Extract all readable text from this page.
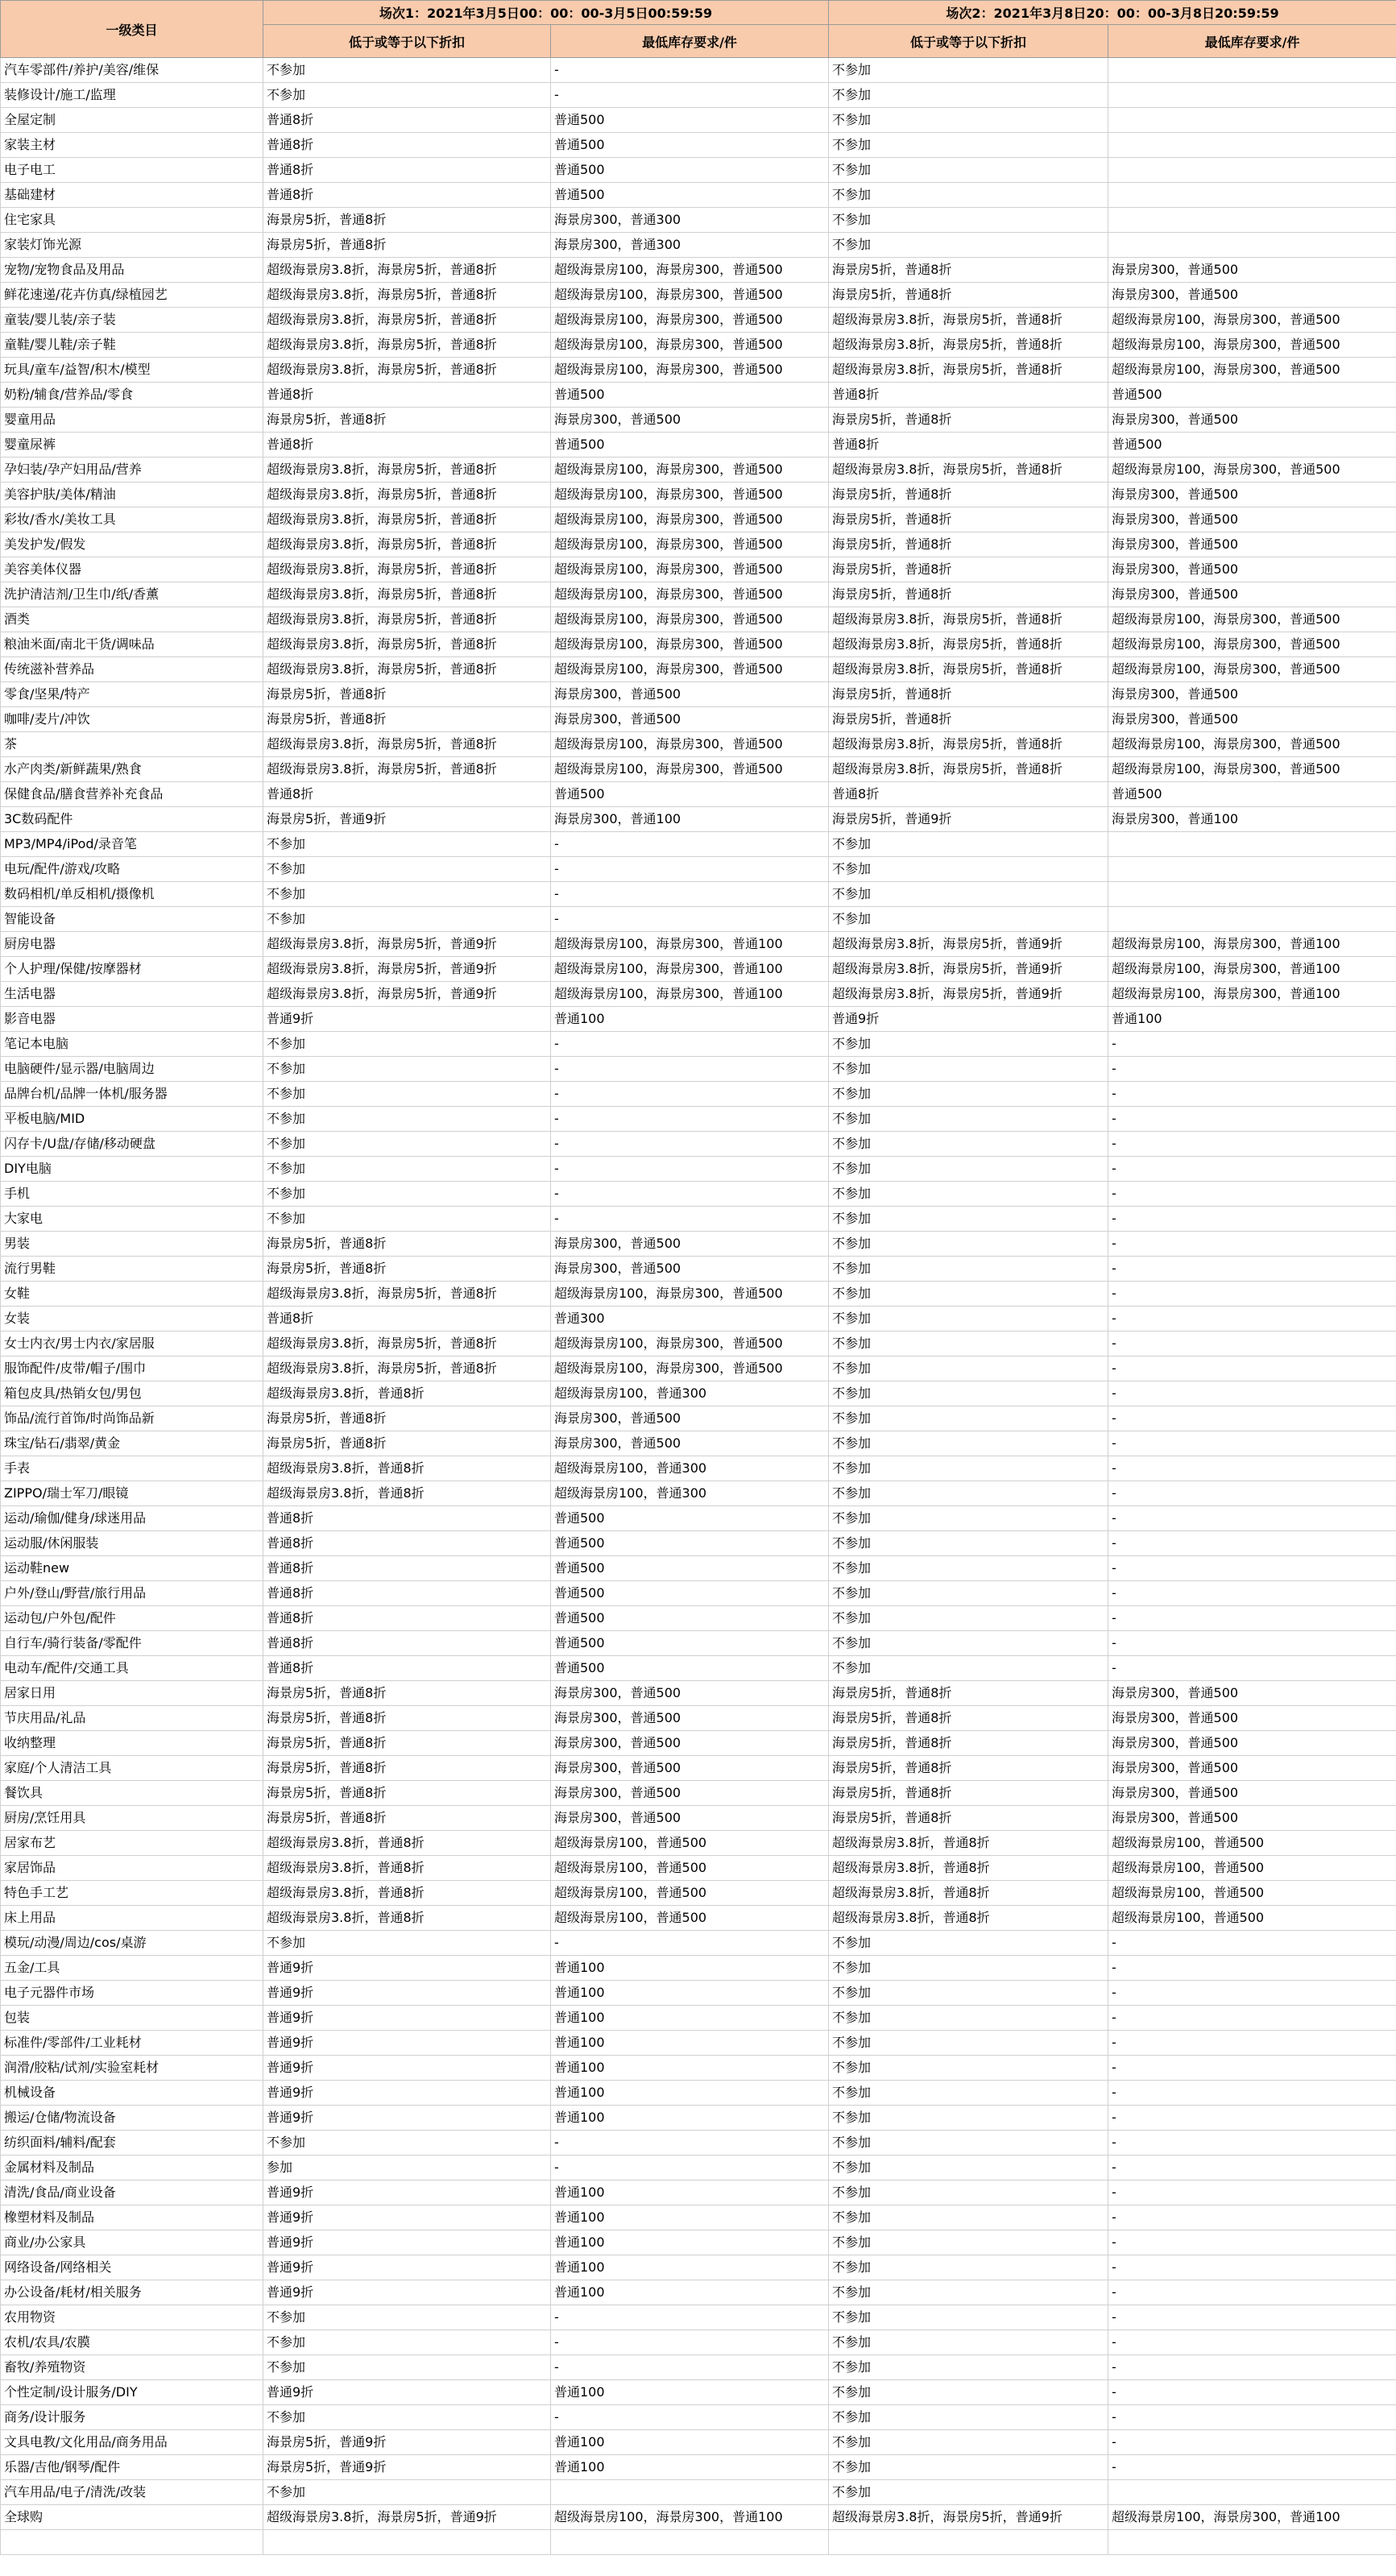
一级类目	场次1：2021年3月5日00：00：00-3月5日00:59:59		场次2：2021年3月8日20：00：00-3月8日20:59:59	
	低于或等于以下折扣	最低库存要求/件	低于或等于以下折扣	最低库存要求/件
汽车零部件/养护/美容/维保	不参加	-	不参加	
装修设计/施工/监理	不参加	-	不参加	
全屋定制	普通8折	普通500	不参加	
家装主材	普通8折	普通500	不参加	
电子电工	普通8折	普通500	不参加	
基础建材	普通8折	普通500	不参加	
住宅家具	海景房5折，普通8折	海景房300，普通300	不参加	
家装灯饰光源	海景房5折，普通8折	海景房300，普通300	不参加	
宠物/宠物食品及用品	超级海景房3.8折，海景房5折，普通8折	超级海景房100，海景房300，普通500	海景房5折，普通8折	海景房300，普通500
鲜花速递/花卉仿真/绿植园艺	超级海景房3.8折，海景房5折，普通8折	超级海景房100，海景房300，普通500	海景房5折，普通8折	海景房300，普通500
童装/婴儿装/亲子装	超级海景房3.8折，海景房5折，普通8折	超级海景房100，海景房300，普通500	超级海景房3.8折，海景房5折，普通8折	超级海景房100，海景房300，普通500
童鞋/婴儿鞋/亲子鞋	超级海景房3.8折，海景房5折，普通8折	超级海景房100，海景房300，普通500	超级海景房3.8折，海景房5折，普通8折	超级海景房100，海景房300，普通500
玩具/童车/益智/积木/模型	超级海景房3.8折，海景房5折，普通8折	超级海景房100，海景房300，普通500	超级海景房3.8折，海景房5折，普通8折	超级海景房100，海景房300，普通500
奶粉/辅食/营养品/零食	普通8折	普通500	普通8折	普通500
婴童用品	海景房5折，普通8折	海景房300，普通500	海景房5折，普通8折	海景房300，普通500
婴童尿裤	普通8折	普通500	普通8折	普通500
孕妇装/孕产妇用品/营养	超级海景房3.8折，海景房5折，普通8折	超级海景房100，海景房300，普通500	超级海景房3.8折，海景房5折，普通8折	超级海景房100，海景房300，普通500
美容护肤/美体/精油	超级海景房3.8折，海景房5折，普通8折	超级海景房100，海景房300，普通500	海景房5折，普通8折	海景房300，普通500
彩妆/香水/美妆工具	超级海景房3.8折，海景房5折，普通8折	超级海景房100，海景房300，普通500	海景房5折，普通8折	海景房300，普通500
美发护发/假发	超级海景房3.8折，海景房5折，普通8折	超级海景房100，海景房300，普通500	海景房5折，普通8折	海景房300，普通500
美容美体仪器	超级海景房3.8折，海景房5折，普通8折	超级海景房100，海景房300，普通500	海景房5折，普通8折	海景房300，普通500
洗护清洁剂/卫生巾/纸/香薰	超级海景房3.8折，海景房5折，普通8折	超级海景房100，海景房300，普通500	海景房5折，普通8折	海景房300，普通500
酒类	超级海景房3.8折，海景房5折，普通8折	超级海景房100，海景房300，普通500	超级海景房3.8折，海景房5折，普通8折	超级海景房100，海景房300，普通500
粮油米面/南北干货/调味品	超级海景房3.8折，海景房5折，普通8折	超级海景房100，海景房300，普通500	超级海景房3.8折，海景房5折，普通8折	超级海景房100，海景房300，普通500
传统滋补营养品	超级海景房3.8折，海景房5折，普通8折	超级海景房100，海景房300，普通500	超级海景房3.8折，海景房5折，普通8折	超级海景房100，海景房300，普通500
零食/坚果/特产	海景房5折，普通8折	海景房300，普通500	海景房5折，普通8折	海景房300，普通500
咖啡/麦片/冲饮	海景房5折，普通8折	海景房300，普通500	海景房5折，普通8折	海景房300，普通500
茶	超级海景房3.8折，海景房5折，普通8折	超级海景房100，海景房300，普通500	超级海景房3.8折，海景房5折，普通8折	超级海景房100，海景房300，普通500
水产肉类/新鲜蔬果/熟食	超级海景房3.8折，海景房5折，普通8折	超级海景房100，海景房300，普通500	超级海景房3.8折，海景房5折，普通8折	超级海景房100，海景房300，普通500
保健食品/膳食营养补充食品	普通8折	普通500	普通8折	普通500
3C数码配件	海景房5折，普通9折	海景房300，普通100	海景房5折，普通9折	海景房300，普通100
MP3/MP4/iPod/录音笔	不参加	-	不参加	
电玩/配件/游戏/攻略	不参加	-	不参加	
数码相机/单反相机/摄像机	不参加	-	不参加	
智能设备	不参加	-	不参加	
厨房电器	超级海景房3.8折，海景房5折，普通9折	超级海景房100，海景房300，普通100	超级海景房3.8折，海景房5折，普通9折	超级海景房100，海景房300，普通100
个人护理/保健/按摩器材	超级海景房3.8折，海景房5折，普通9折	超级海景房100，海景房300，普通100	超级海景房3.8折，海景房5折，普通9折	超级海景房100，海景房300，普通100
生活电器	超级海景房3.8折，海景房5折，普通9折	超级海景房100，海景房300，普通100	超级海景房3.8折，海景房5折，普通9折	超级海景房100，海景房300，普通100
影音电器	普通9折	普通100	普通9折	普通100
笔记本电脑	不参加	-	不参加	-
电脑硬件/显示器/电脑周边	不参加	-	不参加	-
品牌台机/品牌一体机/服务器	不参加	-	不参加	-
平板电脑/MID	不参加	-	不参加	-
闪存卡/U盘/存储/移动硬盘	不参加	-	不参加	-
DIY电脑	不参加	-	不参加	-
手机	不参加	-	不参加	-
大家电	不参加	-	不参加	-
男装	海景房5折，普通8折	海景房300，普通500	不参加	-
流行男鞋	海景房5折，普通8折	海景房300，普通500	不参加	-
女鞋	超级海景房3.8折，海景房5折，普通8折	超级海景房100，海景房300，普通500	不参加	-
女装	普通8折	普通300	不参加	-
女士内衣/男士内衣/家居服	超级海景房3.8折，海景房5折，普通8折	超级海景房100，海景房300，普通500	不参加	-
服饰配件/皮带/帽子/围巾	超级海景房3.8折，海景房5折，普通8折	超级海景房100，海景房300，普通500	不参加	-
箱包皮具/热销女包/男包	超级海景房3.8折，普通8折	超级海景房100，普通300	不参加	-
饰品/流行首饰/时尚饰品新	海景房5折，普通8折	海景房300，普通500	不参加	-
珠宝/钻石/翡翠/黄金	海景房5折，普通8折	海景房300，普通500	不参加	-
手表	超级海景房3.8折，普通8折	超级海景房100，普通300	不参加	-
ZIPPO/瑞士军刀/眼镜	超级海景房3.8折，普通8折	超级海景房100，普通300	不参加	-
运动/瑜伽/健身/球迷用品	普通8折	普通500	不参加	-
运动服/休闲服装	普通8折	普通500	不参加	-
运动鞋new	普通8折	普通500	不参加	-
户外/登山/野营/旅行用品	普通8折	普通500	不参加	-
运动包/户外包/配件	普通8折	普通500	不参加	-
自行车/骑行装备/零配件	普通8折	普通500	不参加	-
电动车/配件/交通工具	普通8折	普通500	不参加	-
居家日用	海景房5折，普通8折	海景房300，普通500	海景房5折，普通8折	海景房300，普通500
节庆用品/礼品	海景房5折，普通8折	海景房300，普通500	海景房5折，普通8折	海景房300，普通500
收纳整理	海景房5折，普通8折	海景房300，普通500	海景房5折，普通8折	海景房300，普通500
家庭/个人清洁工具	海景房5折，普通8折	海景房300，普通500	海景房5折，普通8折	海景房300，普通500
餐饮具	海景房5折，普通8折	海景房300，普通500	海景房5折，普通8折	海景房300，普通500
厨房/烹饪用具	海景房5折，普通8折	海景房300，普通500	海景房5折，普通8折	海景房300，普通500
居家布艺	超级海景房3.8折，普通8折	超级海景房100，普通500	超级海景房3.8折，普通8折	超级海景房100，普通500
家居饰品	超级海景房3.8折，普通8折	超级海景房100，普通500	超级海景房3.8折，普通8折	超级海景房100，普通500
特色手工艺	超级海景房3.8折，普通8折	超级海景房100，普通500	超级海景房3.8折，普通8折	超级海景房100，普通500
床上用品	超级海景房3.8折，普通8折	超级海景房100，普通500	超级海景房3.8折，普通8折	超级海景房100，普通500
模玩/动漫/周边/cos/桌游	不参加	-	不参加	-
五金/工具	普通9折	普通100	不参加	-
电子元器件市场	普通9折	普通100	不参加	-
包装	普通9折	普通100	不参加	-
标准件/零部件/工业耗材	普通9折	普通100	不参加	-
润滑/胶粘/试剂/实验室耗材	普通9折	普通100	不参加	-
机械设备	普通9折	普通100	不参加	-
搬运/仓储/物流设备	普通9折	普通100	不参加	-
纺织面料/辅料/配套	不参加	-	不参加	-
金属材料及制品	参加	-	不参加	-
清洗/食品/商业设备	普通9折	普通100	不参加	-
橡塑材料及制品	普通9折	普通100	不参加	-
商业/办公家具	普通9折	普通100	不参加	-
网络设备/网络相关	普通9折	普通100	不参加	-
办公设备/耗材/相关服务	普通9折	普通100	不参加	-
农用物资	不参加	-	不参加	-
农机/农具/农膜	不参加	-	不参加	-
畜牧/养殖物资	不参加	-	不参加	-
个性定制/设计服务/DIY	普通9折	普通100	不参加	-
商务/设计服务	不参加	-	不参加	-
文具电教/文化用品/商务用品	海景房5折，普通9折	普通100	不参加	-
乐器/吉他/钢琴/配件	海景房5折，普通9折	普通100	不参加	-
汽车用品/电子/清洗/改装	不参加		不参加	
全球购	超级海景房3.8折，海景房5折，普通9折	超级海景房100，海景房300，普通100	超级海景房3.8折，海景房5折，普通9折	超级海景房100，海景房300，普通100
